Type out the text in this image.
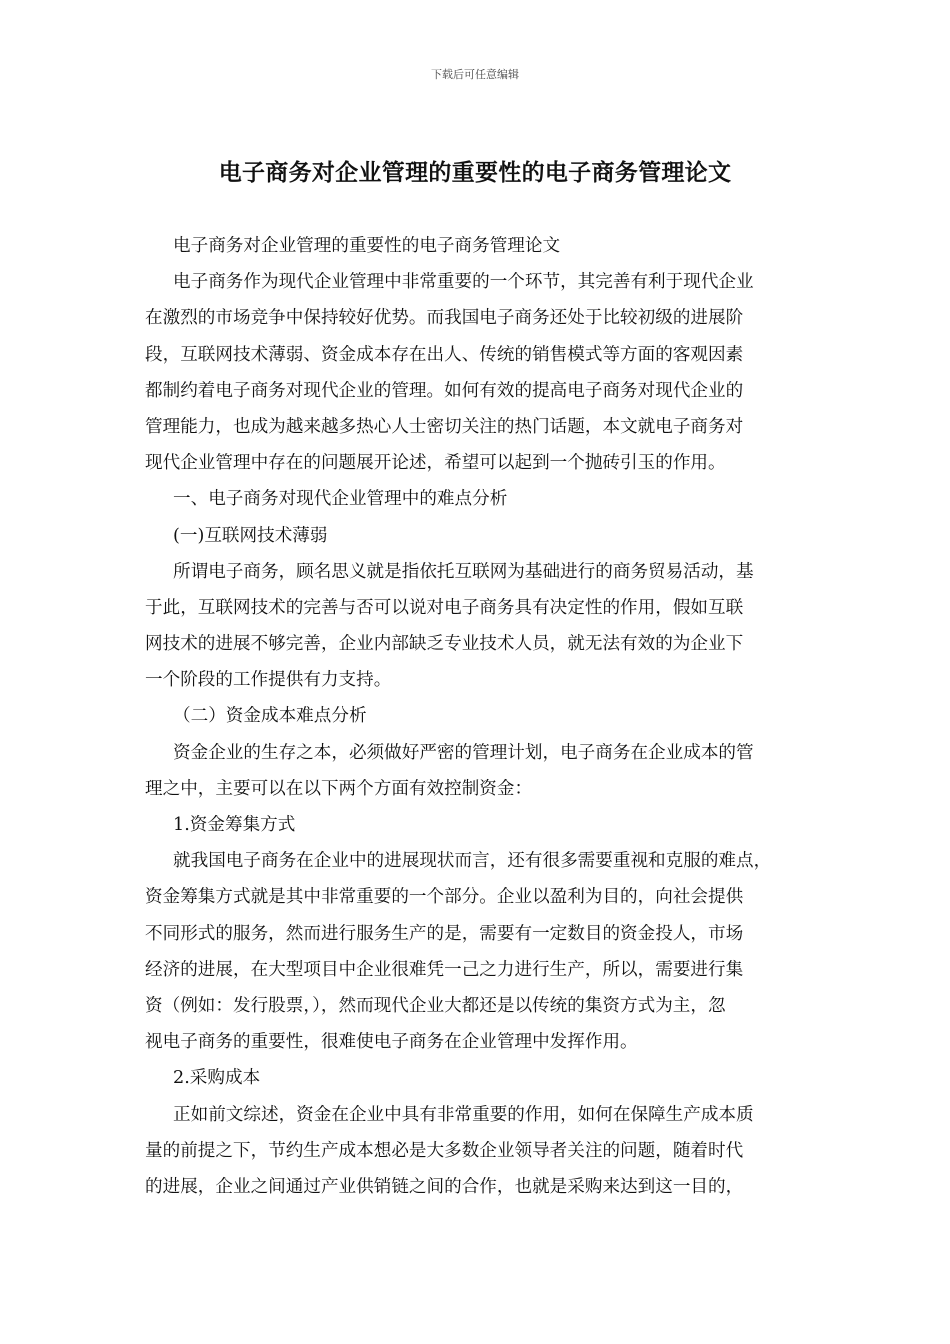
下载后可任意编辑
电子商务对企业管理的重要性的电子商务管理论文
电子商务对企业管理的重要性的电子商务管理论文
电子商务作为现代企业管理中非常重要的一个环节，其完善有利于现代企业
在激烈的市场竞争中保持较好优势。而我国电子商务还处于比较初级的进展阶
段，互联网技术薄弱、资金成本存在出人、传统的销售模式等方面的客观因素
都制约着电子商务对现代企业的管理。如何有效的提高电子商务对现代企业的
管理能力，也成为越来越多热心人士密切关注的热门话题，本文就电子商务对
现代企业管理中存在的问题展开论述，希望可以起到一个抛砖引玉的作用。
一、电子商务对现代企业管理中的难点分析
(一)互联网技术薄弱
所谓电子商务，顾名思义就是指依托互联网为基础进行的商务贸易活动，基
于此，互联网技术的完善与否可以说对电子商务具有决定性的作用，假如互联
网技术的进展不够完善，企业内部缺乏专业技术人员，就无法有效的为企业下
一个阶段的工作提供有力支持。
（二）资金成本难点分析
资金企业的生存之本，必须做好严密的管理计划，电子商务在企业成本的管
理之中，主要可以在以下两个方面有效控制资金：
1.资金筹集方式
就我国电子商务在企业中的进展现状而言，还有很多需要重视和克服的难点，
资金筹集方式就是其中非常重要的一个部分。企业以盈利为目的，向社会提供
不同形式的服务，然而进行服务生产的是，需要有一定数目的资金投人，市场
经济的进展，在大型项目中企业很难凭一己之力进行生产，所以，需要进行集
资（例如：发行股票，），然而现代企业大都还是以传统的集资方式为主，忽
视电子商务的重要性，很难使电子商务在企业管理中发挥作用。
2.采购成本
正如前文综述，资金在企业中具有非常重要的作用，如何在保障生产成本质
量的前提之下，节约生产成本想必是大多数企业领导者关注的问题，随着时代
的进展，企业之间通过产业供销链之间的合作，也就是采购来达到这一目的，
